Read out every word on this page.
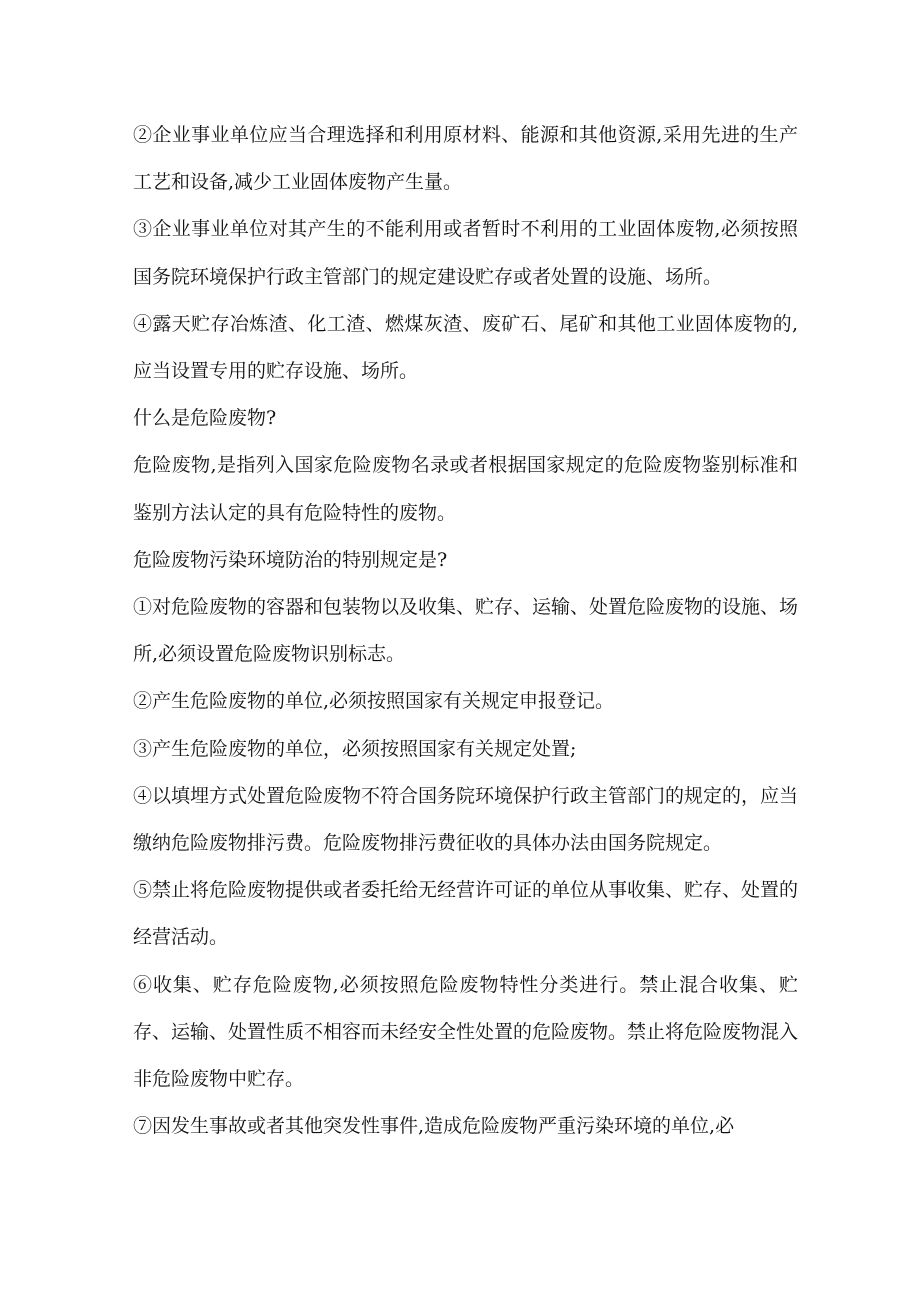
②企业事业单位应当合理选择和利用原材料、能源和其他资源,采用先进的生产工艺和设备,减少工业固体废物产生量。

③企业事业单位对其产生的不能利用或者暂时不利用的工业固体废物,必须按照国务院环境保护行政主管部门的规定建设贮存或者处置的设施、场所。

④露天贮存冶炼渣、化工渣、燃煤灰渣、废矿石、尾矿和其他工业固体废物的,应当设置专用的贮存设施、场所。

什么是危险废物?

危险废物,是指列入国家危险废物名录或者根据国家规定的危险废物鉴别标准和鉴别方法认定的具有危险特性的废物。

危险废物污染环境防治的特别规定是?

①对危险废物的容器和包装物以及收集、贮存、运输、处置危险废物的设施、场所,必须设置危险废物识别标志。

②产生危险废物的单位,必须按照国家有关规定申报登记。

③产生危险废物的单位，必须按照国家有关规定处置;

④以填埋方式处置危险废物不符合国务院环境保护行政主管部门的规定的，应当缴纳危险废物排污费。危险废物排污费征收的具体办法由国务院规定。

⑤禁止将危险废物提供或者委托给无经营许可证的单位从事收集、贮存、处置的经营活动。

⑥收集、贮存危险废物,必须按照危险废物特性分类进行。禁止混合收集、贮存、运输、处置性质不相容而未经安全性处置的危险废物。禁止将危险废物混入非危险废物中贮存。

⑦因发生事故或者其他突发性事件,造成危险废物严重污染环境的单位,必
